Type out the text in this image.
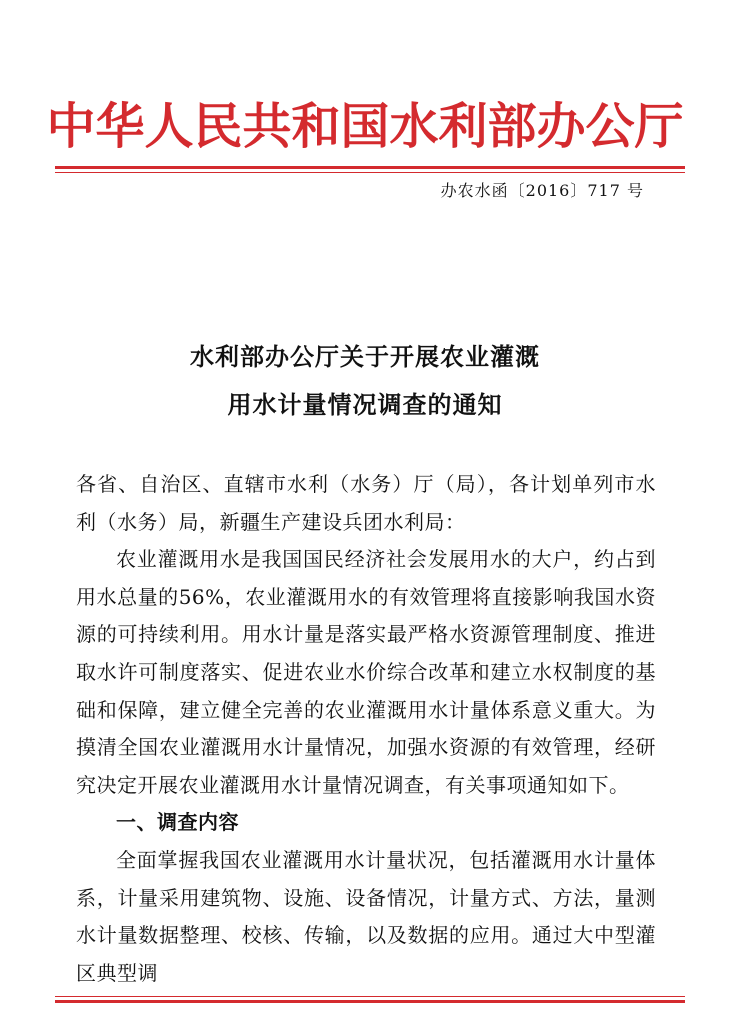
中华人民共和国水利部办公厅
办农水函〔2016〕717 号
水利部办公厅关于开展农业灌溉
用水计量情况调查的通知

各省、自治区、直辖市水利（水务）厅（局），各计划单列市水利（水务）局，新疆生产建设兵团水利局：

农业灌溉用水是我国国民经济社会发展用水的大户，约占到用水总量的56%，农业灌溉用水的有效管理将直接影响我国水资源的可持续利用。用水计量是落实最严格水资源管理制度、推进取水许可制度落实、促进农业水价综合改革和建立水权制度的基础和保障，建立健全完善的农业灌溉用水计量体系意义重大。为摸清全国农业灌溉用水计量情况，加强水资源的有效管理，经研究决定开展农业灌溉用水计量情况调查，有关事项通知如下。

一、调查内容

全面掌握我国农业灌溉用水计量状况，包括灌溉用水计量体系，计量采用建筑物、设施、设备情况，计量方式、方法，量测水计量数据整理、校核、传输，以及数据的应用。通过大中型灌区典型调
